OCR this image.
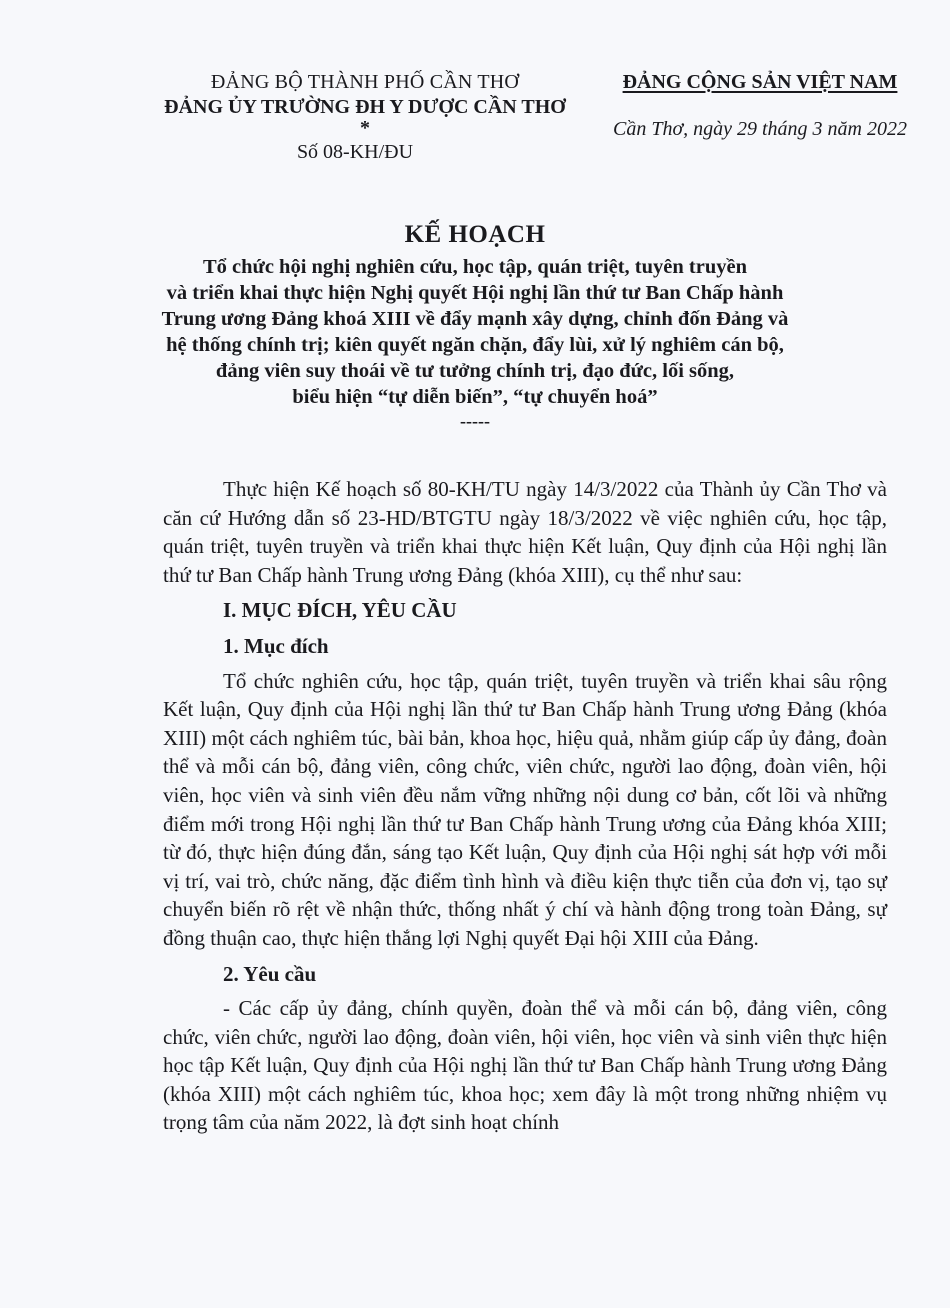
ĐẢNG BỘ THÀNH PHỐ CẦN THƠ
ĐẢNG ỦY TRƯỜNG ĐH Y DƯỢC CẦN THƠ
*
Số 08-KH/ĐU
ĐẢNG CỘNG SẢN VIỆT NAM
Cần Thơ, ngày 29 tháng 3 năm 2022
KẾ HOẠCH
Tổ chức hội nghị nghiên cứu, học tập, quán triệt, tuyên truyền
và triển khai thực hiện Nghị quyết Hội nghị lần thứ tư Ban Chấp hành
Trung ương Đảng khoá XIII về đẩy mạnh xây dựng, chỉnh đốn Đảng và
hệ thống chính trị; kiên quyết ngăn chặn, đẩy lùi, xử lý nghiêm cán bộ,
đảng viên suy thoái về tư tưởng chính trị, đạo đức, lối sống,
biểu hiện “tự diễn biến”, “tự chuyển hoá”
-----

Thực hiện Kế hoạch số 80-KH/TU ngày 14/3/2022 của Thành ủy Cần Thơ và căn cứ Hướng dẫn số 23-HD/BTGTU ngày 18/3/2022 về việc nghiên cứu, học tập, quán triệt, tuyên truyền và triển khai thực hiện Kết luận, Quy định của Hội nghị lần thứ tư Ban Chấp hành Trung ương Đảng (khóa XIII), cụ thể như sau:

I. MỤC ĐÍCH, YÊU CẦU
1. Mục đích

Tổ chức nghiên cứu, học tập, quán triệt, tuyên truyền và triển khai sâu rộng Kết luận, Quy định của Hội nghị lần thứ tư Ban Chấp hành Trung ương Đảng (khóa XIII) một cách nghiêm túc, bài bản, khoa học, hiệu quả, nhằm giúp cấp ủy đảng, đoàn thể và mỗi cán bộ, đảng viên, công chức, viên chức, người lao động, đoàn viên, hội viên, học viên và sinh viên đều nắm vững những nội dung cơ bản, cốt lõi và những điểm mới trong Hội nghị lần thứ tư Ban Chấp hành Trung ương của Đảng khóa XIII; từ đó, thực hiện đúng đắn, sáng tạo Kết luận, Quy định của Hội nghị sát hợp với mỗi vị trí, vai trò, chức năng, đặc điểm tình hình và điều kiện thực tiễn của đơn vị, tạo sự chuyển biến rõ rệt về nhận thức, thống nhất ý chí và hành động trong toàn Đảng, sự đồng thuận cao, thực hiện thắng lợi Nghị quyết Đại hội XIII của Đảng.

2. Yêu cầu

- Các cấp ủy đảng, chính quyền, đoàn thể và mỗi cán bộ, đảng viên, công chức, viên chức, người lao động, đoàn viên, hội viên, học viên và sinh viên thực hiện học tập Kết luận, Quy định của Hội nghị lần thứ tư Ban Chấp hành Trung ương Đảng (khóa XIII) một cách nghiêm túc, khoa học; xem đây là một trong những nhiệm vụ trọng tâm của năm 2022, là đợt sinh hoạt chính
